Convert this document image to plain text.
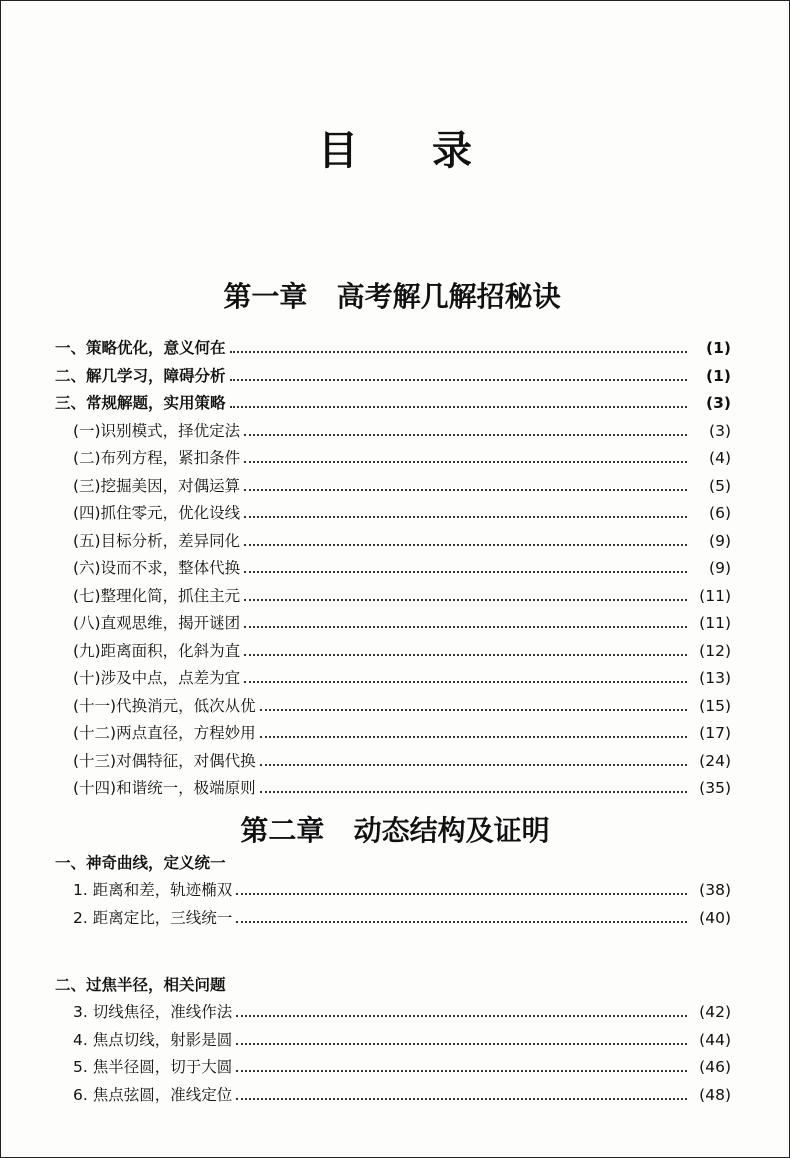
目 录
第一章   高考解几解招秘诀
一、策略优化，意义何在	(1)
二、解几学习，障碍分析	(1)
三、常规解题，实用策略	(3)
(一)识别模式，择优定法	(3)
(二)布列方程，紧扣条件	(4)
(三)挖掘美因，对偶运算	(5)
(四)抓住零元，优化设线	(6)
(五)目标分析，差异同化	(9)
(六)设而不求，整体代换	(9)
(七)整理化简，抓住主元	(11)
(八)直观思维，揭开谜团	(11)
(九)距离面积，化斜为直	(12)
(十)涉及中点，点差为宜	(13)
(十一)代换消元，低次从优	(15)
(十二)两点直径，方程妙用	(17)
(十三)对偶特征，对偶代换	(24)
(十四)和谐统一，极端原则	(35)
第二章   动态结构及证明
一、神奇曲线，定义统一
1. 距离和差，轨迹椭双	(38)
2. 距离定比，三线统一	(40)
二、过焦半径，相关问题
3. 切线焦径，准线作法	(42)
4. 焦点切线，射影是圆	(44)
5. 焦半径圆，切于大圆	(46)
6. 焦点弦圆，准线定位	(48)
